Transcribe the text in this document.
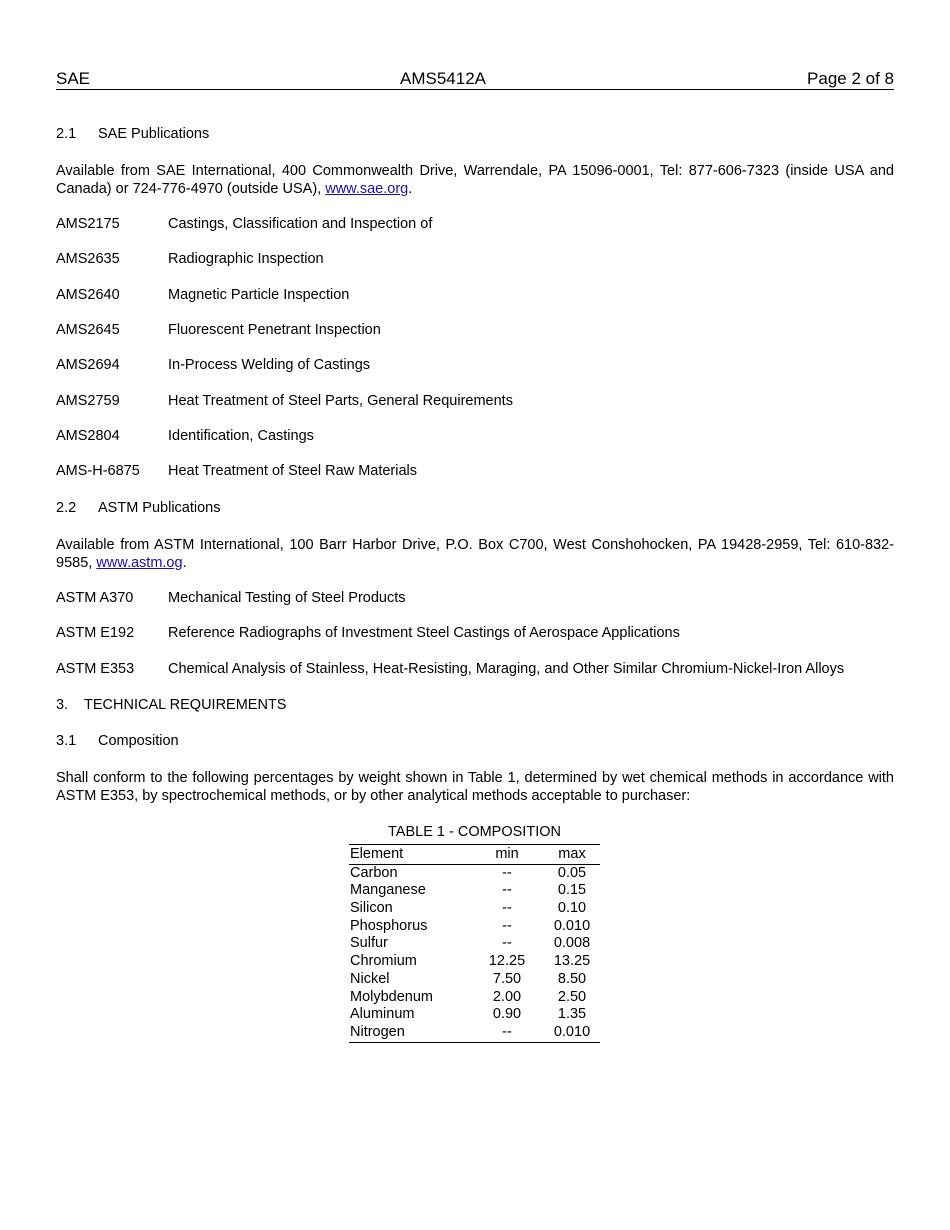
SAE	AMS5412A	Page 2 of 8
2.1 SAE Publications
Available from SAE International, 400 Commonwealth Drive, Warrendale, PA 15096-0001, Tel: 877-606-7323 (inside USA and Canada) or 724-776-4970 (outside USA), www.sae.org.
AMS2175	Castings, Classification and Inspection of
AMS2635	Radiographic Inspection
AMS2640	Magnetic Particle Inspection
AMS2645	Fluorescent Penetrant Inspection
AMS2694	In-Process Welding of Castings
AMS2759	Heat Treatment of Steel Parts, General Requirements
AMS2804	Identification, Castings
AMS-H-6875 Heat Treatment of Steel Raw Materials
2.2 ASTM Publications
Available from ASTM International, 100 Barr Harbor Drive, P.O. Box C700, West Conshohocken, PA 19428-2959, Tel: 610-832-9585, www.astm.og.
ASTM A370 Mechanical Testing of Steel Products
ASTM E192 Reference Radiographs of Investment Steel Castings of Aerospace Applications
ASTM E353 Chemical Analysis of Stainless, Heat-Resisting, Maraging, and Other Similar Chromium-Nickel-Iron Alloys
3. TECHNICAL REQUIREMENTS
3.1 Composition
Shall conform to the following percentages by weight shown in Table 1, determined by wet chemical methods in accordance with ASTM E353, by spectrochemical methods, or by other analytical methods acceptable to purchaser:
TABLE 1 - COMPOSITION
Element	min	max
Carbon	--	0.05
Manganese	--	0.15
Silicon	--	0.10
Phosphorus	--	0.010
Sulfur	--	0.008
Chromium	12.25	13.25
Nickel	7.50	8.50
Molybdenum	2.00	2.50
Aluminum	0.90	1.35
Nitrogen	--	0.010
